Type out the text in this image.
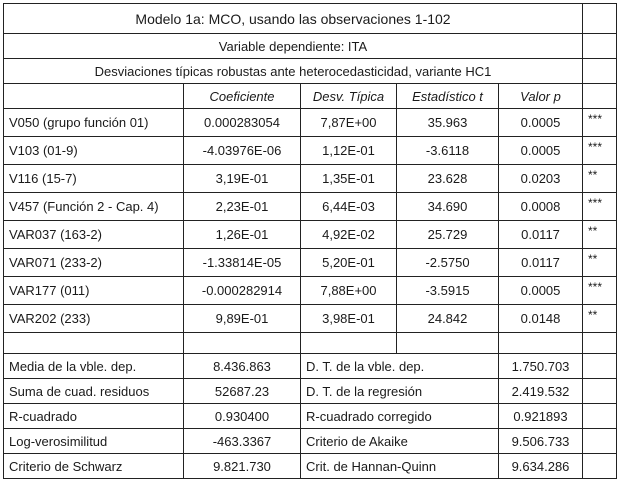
Modelo 1a: MCO, usando las observaciones 1-102					
Variable dependiente: ITA					
Desviaciones típicas robustas ante heterocedasticidad, variante HC1					
	Coeficiente	Desv. Típica	Estadístico t	Valor p	
V050 (grupo función 01)	0.000283054	7,87E+00	35.963	0.0005	***
V103 (01-9)	-4.03976E-06	1,12E-01	-3.6118	0.0005	***
V116 (15-7)	3,19E-01	1,35E-01	23.628	0.0203	**
V457 (Función 2 - Cap. 4)	2,23E-01	6,44E-03	34.690	0.0008	***
VAR037 (163-2)	1,26E-01	4,92E-02	25.729	0.0117	**
VAR071 (233-2)	-1.33814E-05	5,20E-01	-2.5750	0.0117	**
VAR177 (011)	-0.000282914	7,88E+00	-3.5915	0.0005	***
VAR202 (233)	9,89E-01	3,98E-01	24.842	0.0148	**

Media de la vble. dep.	8.436.863	D. T. de la vble. dep.		1.750.703	
Suma de cuad. residuos	52687.23	D. T. de la regresión		2.419.532	
R-cuadrado	0.930400	R-cuadrado corregido		0.921893	
Log-verosimilitud	-463.3367	Criterio de Akaike		9.506.733	
Criterio de Schwarz	9.821.730	Crit. de Hannan-Quinn		9.634.286	
